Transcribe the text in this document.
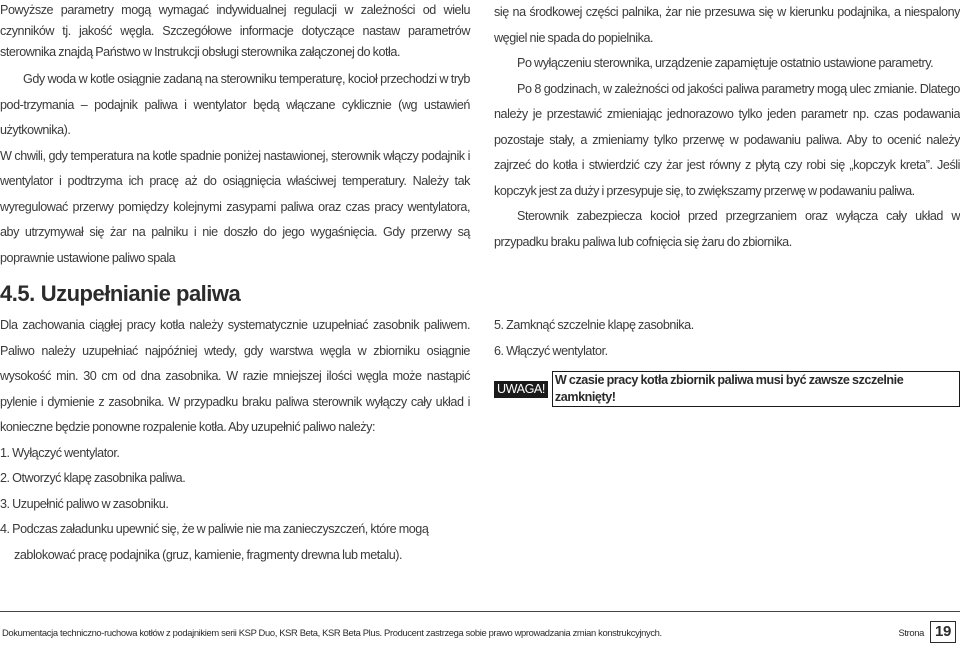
Powyższe parametry mogą wymagać indywidualnej regulacji w zależności od wielu czynników tj. jakość węgla. Szczegółowe informacje dotyczące nastaw parametrów sterownika znajdą Państwo w Instrukcji obsługi sterownika załączonej do kotła.

Gdy woda w kotle osiągnie zadaną na sterowniku temperaturę, kocioł przechodzi w tryb pod-trzymania – podajnik paliwa i wentylator będą włączane cyklicznie (wg ustawień użytkownika).

W chwili, gdy temperatura na kotle spadnie poniżej nastawionej, sterownik włączy podajnik i wentylator i podtrzyma ich pracę aż do osiągnięcia właściwej temperatury. Należy tak wyregulować przerwy pomiędzy kolejnymi zasypami paliwa oraz czas pracy wentylatora, aby utrzymywał się żar na palniku i nie doszło do jego wygaśnięcia. Gdy przerwy są poprawnie ustawione paliwo spala

się na środkowej części palnika, żar nie przesuwa się w kierunku podajnika, a niespalony węgiel nie spada do popielnika.

Po wyłączeniu sterownika, urządzenie zapamiętuje ostatnio ustawione parametry.

Po 8 godzinach, w zależności od jakości paliwa parametry mogą ulec zmianie. Dlatego należy je przestawić zmieniając jednorazowo tylko jeden parametr np. czas podawania pozostaje stały, a zmieniamy tylko przerwę w podawaniu paliwa. Aby to ocenić należy zajrzeć do kotła i stwierdzić czy żar jest równy z płytą czy robi się „kopczyk kreta”. Jeśli kopczyk jest za duży i przesypuje się, to zwiększamy przerwę w podawaniu paliwa.

Sterownik zabezpiecza kocioł przed przegrzaniem oraz wyłącza cały układ w przypadku braku paliwa lub cofnięcia się żaru do zbiornika.

4.5. Uzupełnianie paliwa

Dla zachowania ciągłej pracy kotła należy systematycznie uzupełniać zasobnik paliwem. Paliwo należy uzupełniać najpóźniej wtedy, gdy warstwa węgla w zbiorniku osiągnie wysokość min. 30 cm od dna zasobnika. W razie mniejszej ilości węgla może nastąpić pylenie i dymienie z zasobnika. W przypadku braku paliwa sterownik wyłączy cały układ i konieczne będzie ponowne rozpalenie kotła. Aby uzupełnić paliwo należy:

1. Wyłączyć wentylator.
2. Otworzyć klapę zasobnika paliwa.
3. Uzupełnić paliwo w zasobniku.
4. Podczas załadunku upewnić się, że w paliwie nie ma zanieczyszczeń, które mogą zablokować pracę podajnika (gruz, kamienie, fragmenty drewna lub metalu).
5. Zamknąć szczelnie klapę zasobnika.
6. Włączyć wentylator.
UWAGA!
W czasie pracy kotła zbiornik paliwa musi być zawsze szczelnie zamknięty!
Dokumentacja techniczno-ruchowa kotłów z podajnikiem serii KSP Duo, KSR Beta, KSR Beta Plus. Producent zastrzega sobie prawo wprowadzania zmian konstrukcyjnych.	Strona 19
